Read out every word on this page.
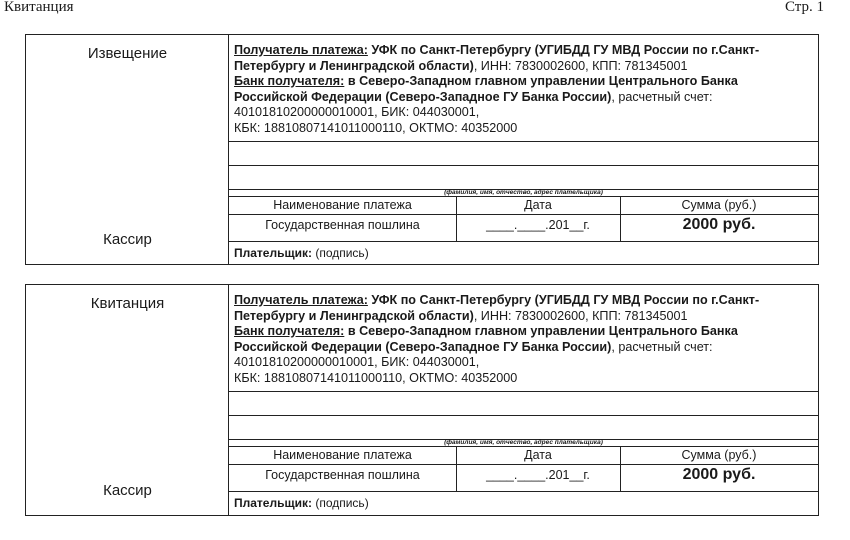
Квитанция	Стр. 1
Извещение
Кассир
Получатель платежа: УФК по Санкт-Петербургу (УГИБДД ГУ МВД России по г.Санкт-Петербургу и Ленинградской области), ИНН: 7830002600, КПП: 781345001
Банк получателя: в Северо-Западном главном управлении Центрального Банка Российской Федерации (Северо-Западное ГУ Банка России), расчетный счет: 40101810200000010001, БИК: 044030001,
КБК: 18810807141011000110, ОКТМО: 40352000
(фамилия, имя, отчество, адрес плательщика)
Наименование платежа	Дата	Сумма (руб.)
Государственная пошлина	____.____.201__г.	2000 руб.
Плательщик: (подпись)
Квитанция
Кассир
Получатель платежа: УФК по Санкт-Петербургу (УГИБДД ГУ МВД России по г.Санкт-Петербургу и Ленинградской области), ИНН: 7830002600, КПП: 781345001
Банк получателя: в Северо-Западном главном управлении Центрального Банка Российской Федерации (Северо-Западное ГУ Банка России), расчетный счет: 40101810200000010001, БИК: 044030001,
КБК: 18810807141011000110, ОКТМО: 40352000
(фамилия, имя, отчество, адрес плательщика)
Наименование платежа	Дата	Сумма (руб.)
Государственная пошлина	____.____.201__г.	2000 руб.
Плательщик: (подпись)
